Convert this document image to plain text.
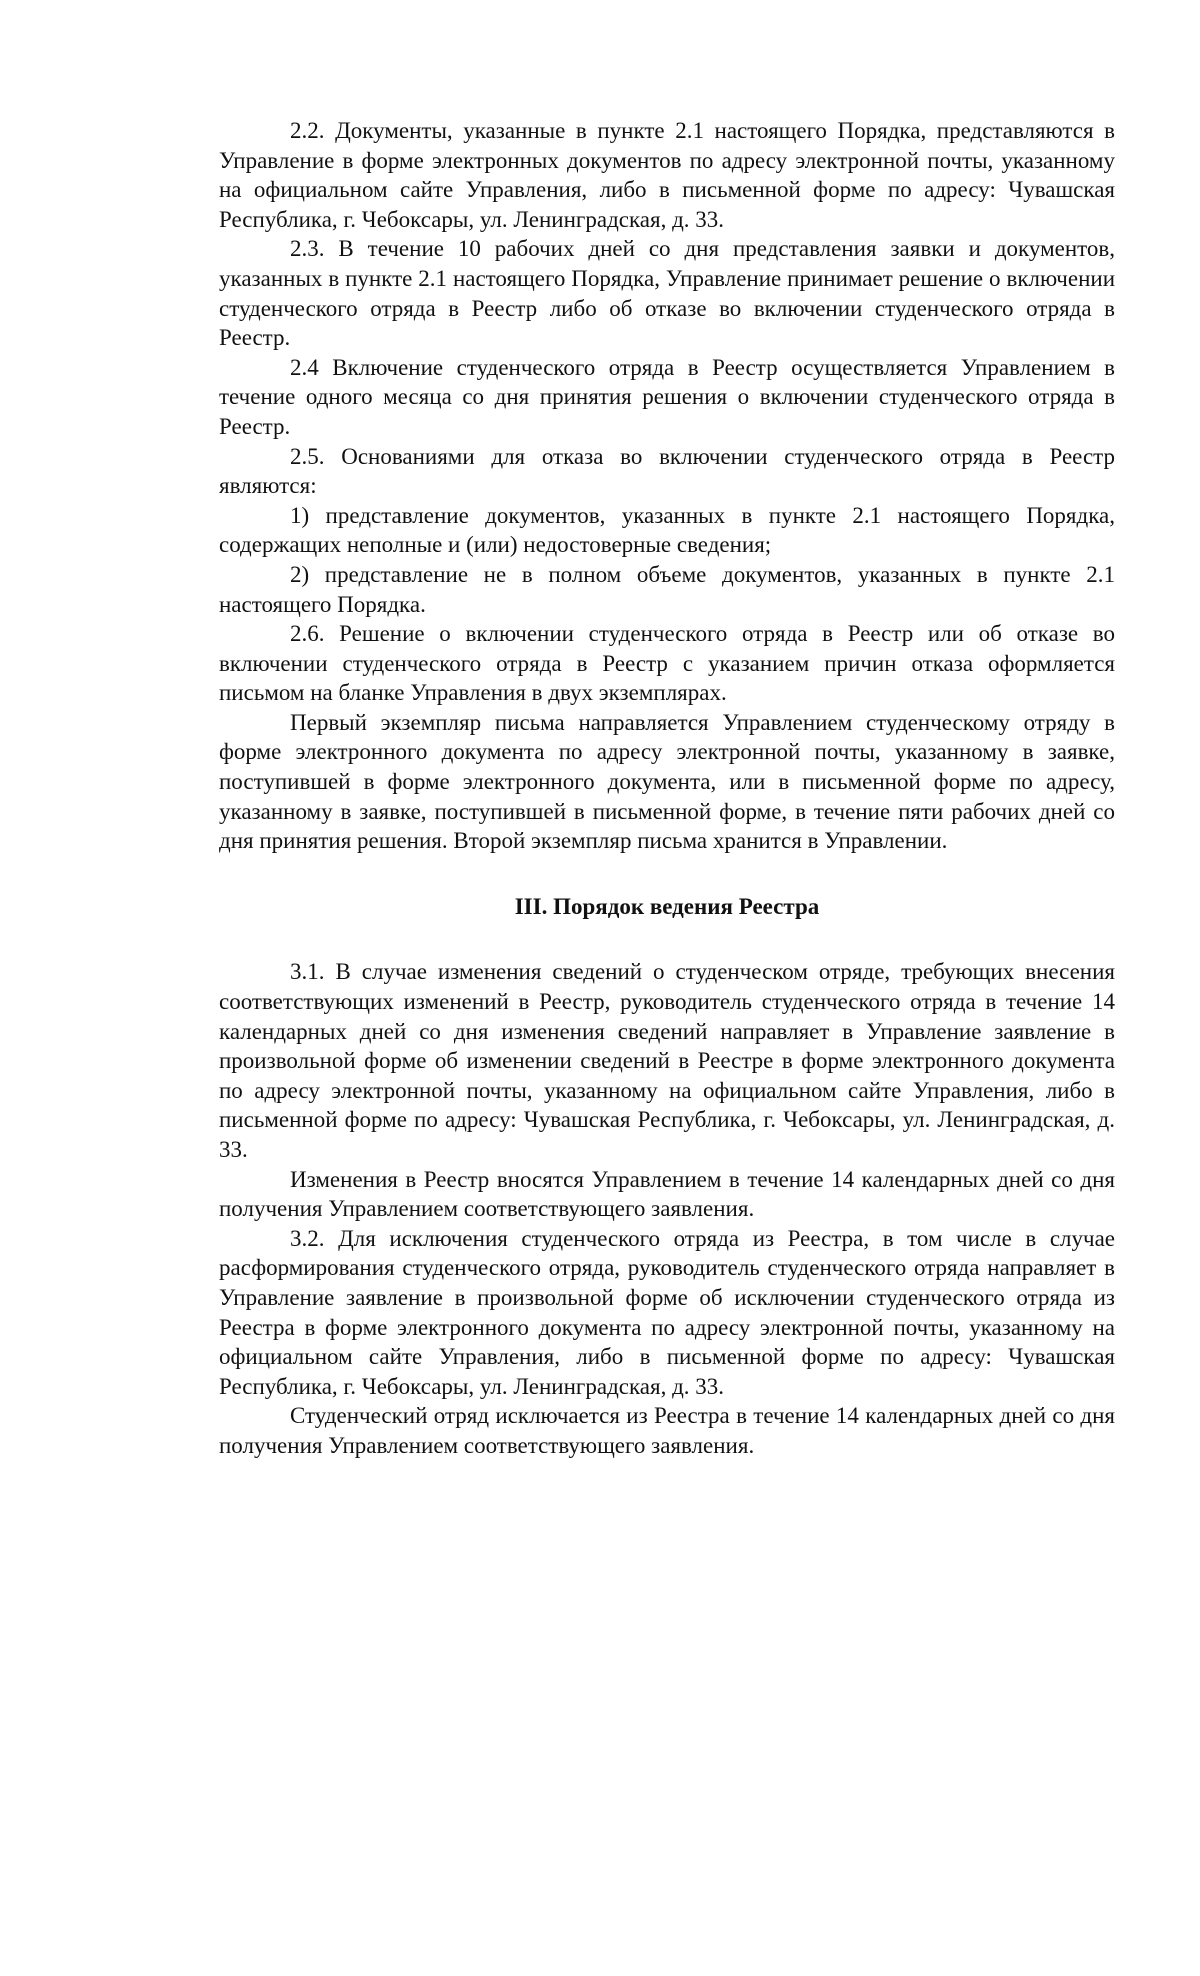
2.2. Документы, указанные в пункте 2.1 настоящего Порядка, представляются в Управление в форме электронных документов по адресу электронной почты, указанному на официальном сайте Управления, либо в письменной форме по адресу: Чувашская Республика, г. Чебоксары, ул. Ленинградская, д. 33.

2.3. В течение 10 рабочих дней со дня представления заявки и документов, указанных в пункте 2.1 настоящего Порядка, Управление принимает решение о включении студенческого отряда в Реестр либо об отказе во включении студенческого отряда в Реестр.

2.4 Включение студенческого отряда в Реестр осуществляется Управлением в течение одного месяца со дня принятия решения о включении студенческого отряда в Реестр.

2.5. Основаниями для отказа во включении студенческого отряда в Реестр являются:

1) представление документов, указанных в пункте 2.1 настоящего Порядка, содержащих неполные и (или) недостоверные сведения;

2) представление не в полном объеме документов, указанных в пункте 2.1 настоящего Порядка.

2.6. Решение о включении студенческого отряда в Реестр или об отказе во включении студенческого отряда в Реестр с указанием причин отказа оформляется письмом на бланке Управления в двух экземплярах.

Первый экземпляр письма направляется Управлением студенческому отряду в форме электронного документа по адресу электронной почты, указанному в заявке, поступившей в форме электронного документа, или в письменной форме по адресу, указанному в заявке, поступившей в письменной форме, в течение пяти рабочих дней со дня принятия решения. Второй экземпляр письма хранится в Управлении.

III. Порядок ведения Реестра

3.1. В случае изменения сведений о студенческом отряде, требующих внесения соответствующих изменений в Реестр, руководитель студенческого отряда в течение 14 календарных дней со дня изменения сведений направляет в Управление заявление в произвольной форме об изменении сведений в Реестре в форме электронного документа по адресу электронной почты, указанному на официальном сайте Управления, либо в письменной форме по адресу: Чувашская Республика, г. Чебоксары, ул. Ленинградская, д. 33.

Изменения в Реестр вносятся Управлением в течение 14 календарных дней со дня получения Управлением соответствующего заявления.

3.2. Для исключения студенческого отряда из Реестра, в том числе в случае расформирования студенческого отряда, руководитель студенческого отряда направляет в Управление заявление в произвольной форме об исключении студенческого отряда из Реестра в форме электронного документа по адресу электронной почты, указанному на официальном сайте Управления, либо в письменной форме по адресу: Чувашская Республика, г. Чебоксары, ул. Ленинградская, д. 33.

Студенческий отряд исключается из Реестра в течение 14 календарных дней со дня получения Управлением соответствующего заявления.
